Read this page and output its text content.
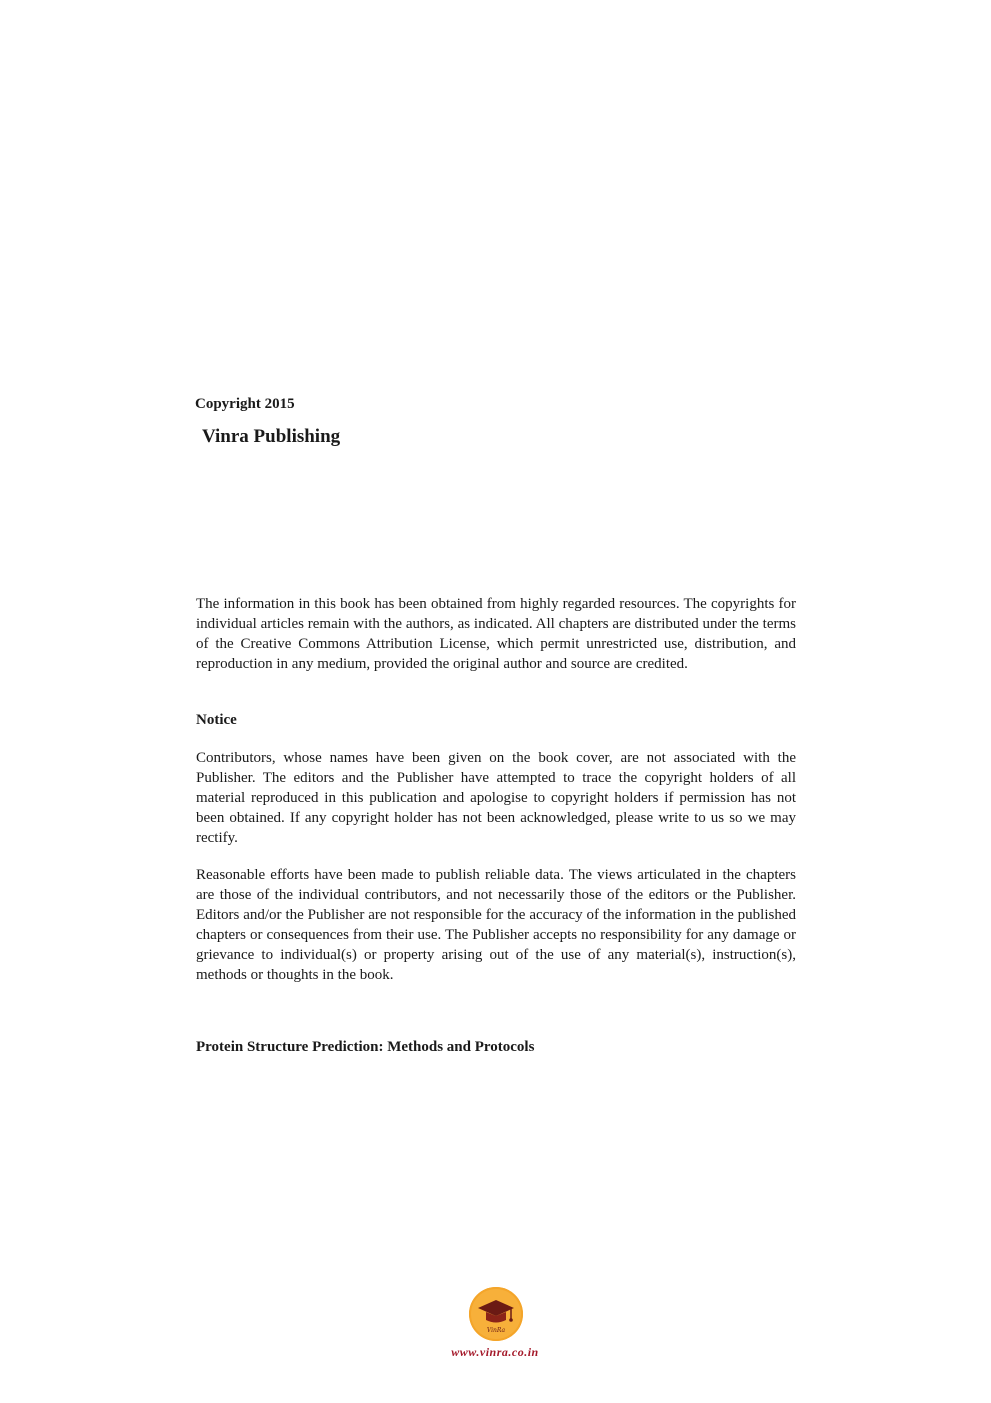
Copyright 2015
Vinra Publishing

The information in this book has been obtained from highly regarded resources. The copyrights for individual articles remain with the authors, as indicated. All chapters are distributed under the terms of the Creative Commons Attribution License, which permit unrestricted use, distribution, and reproduction in any medium, provided the original author and source are credited.

Notice

Contributors, whose names have been given on the book cover, are not associated with the Publisher. The editors and the Publisher have attempted to trace the copyright holders of all material reproduced in this publication and apologise to copyright holders if permission has not been obtained. If any copyright holder has not been acknowledged, please write to us so we may rectify.

Reasonable efforts have been made to publish reliable data. The views articulated in the chapters are those of the individual contributors, and not necessarily those of the editors or the Publisher. Editors and/or the Publisher are not responsible for the accuracy of the information in the published chapters or consequences from their use. The Publisher accepts no responsibility for any damage or grievance to individual(s) or property arising out of the use of any material(s), instruction(s), methods or thoughts in the book.

Protein Structure Prediction: Methods and Protocols
VinRa
www.vinra.co.in
